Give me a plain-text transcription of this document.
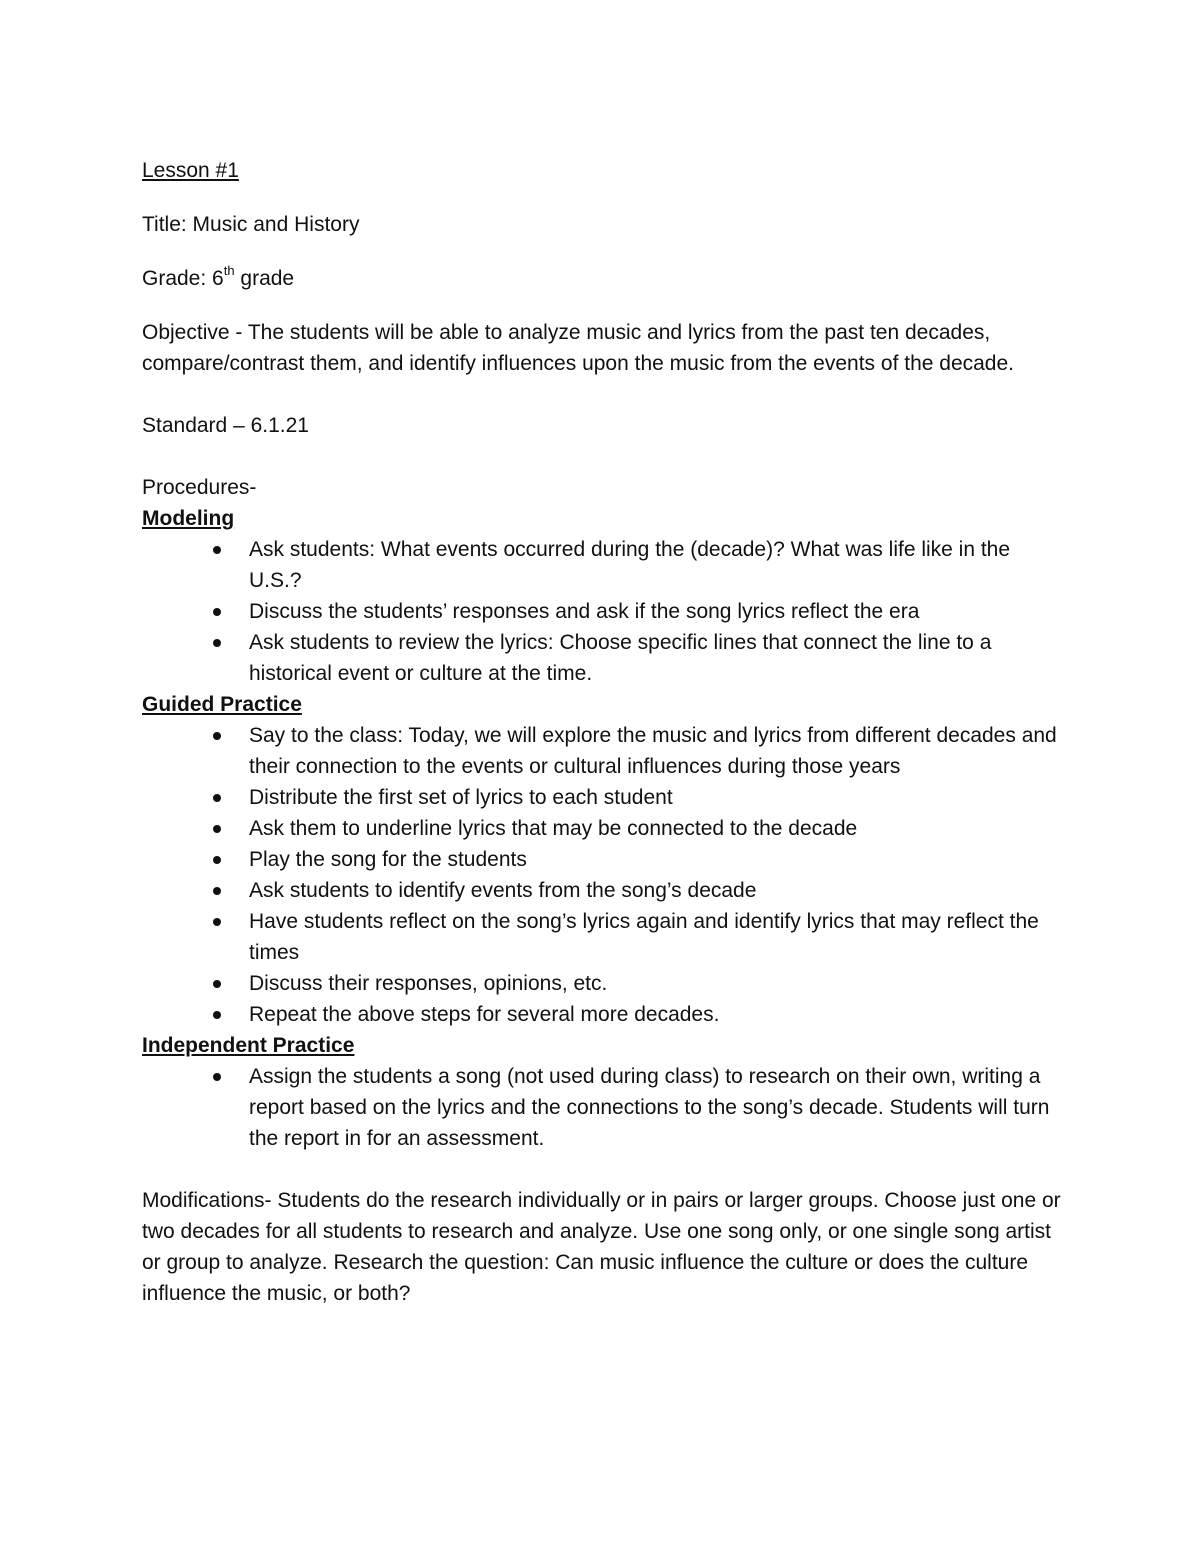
Lesson #1

Title: Music and History

Grade: 6th grade

Objective - The students will be able to analyze music and lyrics from the past ten decades, compare/contrast them, and identify influences upon the music from the events of the decade.

Standard – 6.1.21

Procedures-

Modeling

Ask students: What events occurred during the (decade)? What was life like in the U.S.?
Discuss the students’ responses and ask if the song lyrics reflect the era
Ask students to review the lyrics: Choose specific lines that connect the line to a historical event or culture at the time.

Guided Practice

Say to the class: Today, we will explore the music and lyrics from different decades and their connection to the events or cultural influences during those years
Distribute the first set of lyrics to each student
Ask them to underline lyrics that may be connected to the decade
Play the song for the students
Ask students to identify events from the song’s decade
Have students reflect on the song’s lyrics again and identify lyrics that may reflect the times
Discuss their responses, opinions, etc.
Repeat the above steps for several more decades.

Independent Practice

Assign the students a song (not used during class) to research on their own, writing a report based on the lyrics and the connections to the song’s decade. Students will turn the report in for an assessment.

Modifications- Students do the research individually or in pairs or larger groups. Choose just one or two decades for all students to research and analyze. Use one song only, or one single song artist or group to analyze. Research the question: Can music influence the culture or does the culture influence the music, or both?
